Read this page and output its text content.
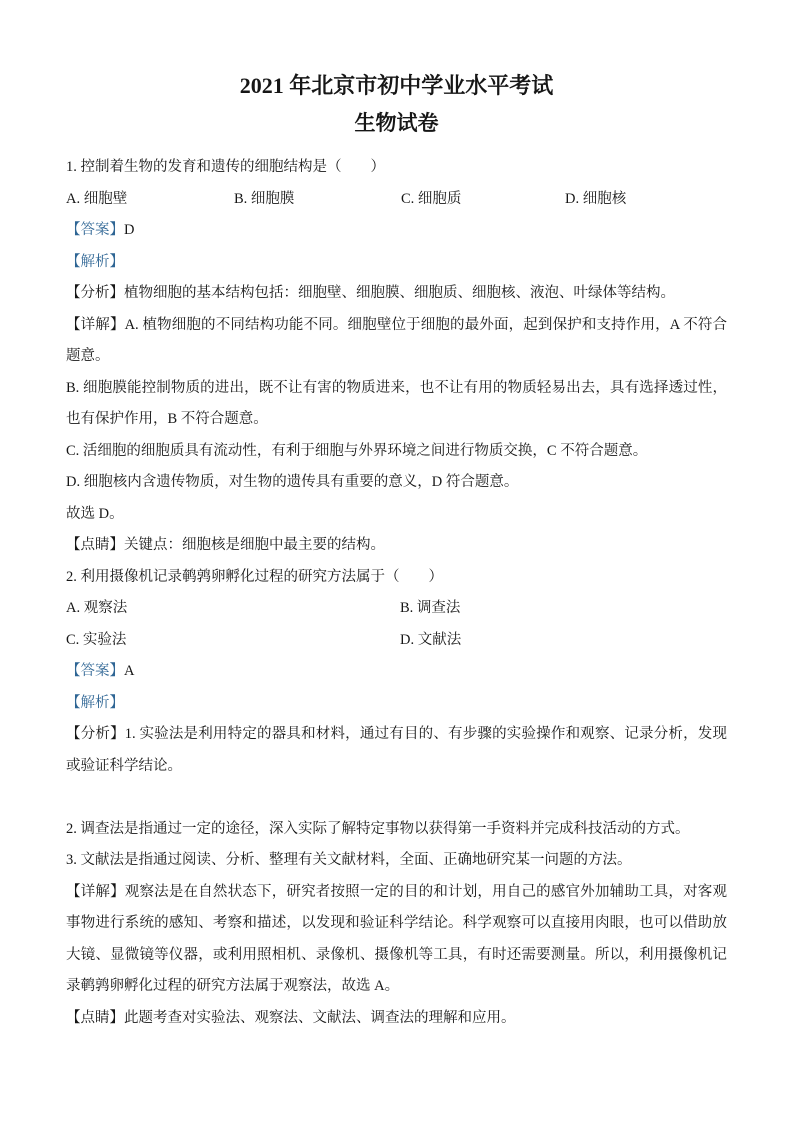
2021 年北京市初中学业水平考试
生物试卷

1. 控制着生物的发育和遗传的细胞结构是（　　）

A. 细胞壁	B. 细胞膜	C. 细胞质	D. 细胞核

【答案】D

【解析】

【分析】植物细胞的基本结构包括：细胞壁、细胞膜、细胞质、细胞核、液泡、叶绿体等结构。

【详解】A. 植物细胞的不同结构功能不同。细胞壁位于细胞的最外面，起到保护和支持作用，A 不符合题意。

B. 细胞膜能控制物质的进出，既不让有害的物质进来，也不让有用的物质轻易出去，具有选择透过性，也有保护作用，B 不符合题意。

C. 活细胞的细胞质具有流动性，有利于细胞与外界环境之间进行物质交换，C 不符合题意。

D. 细胞核内含遗传物质，对生物的遗传具有重要的意义，D 符合题意。

故选 D。

【点睛】关键点：细胞核是细胞中最主要的结构。

2. 利用摄像机记录鹌鹑卵孵化过程的研究方法属于（　　）

A. 观察法	B. 调查法
C. 实验法	D. 文献法

【答案】A

【解析】

【分析】1. 实验法是利用特定的器具和材料，通过有目的、有步骤的实验操作和观察、记录分析，发现或验证科学结论。

2. 调查法是指通过一定的途径，深入实际了解特定事物以获得第一手资料并完成科技活动的方式。

3. 文献法是指通过阅读、分析、整理有关文献材料，全面、正确地研究某一问题的方法。

【详解】观察法是在自然状态下，研究者按照一定的目的和计划，用自己的感官外加辅助工具，对客观事物进行系统的感知、考察和描述，以发现和验证科学结论。科学观察可以直接用肉眼，也可以借助放大镜、显微镜等仪器，或利用照相机、录像机、摄像机等工具，有时还需要测量。所以，利用摄像机记录鹌鹑卵孵化过程的研究方法属于观察法，故选 A。

【点睛】此题考查对实验法、观察法、文献法、调查法的理解和应用。
